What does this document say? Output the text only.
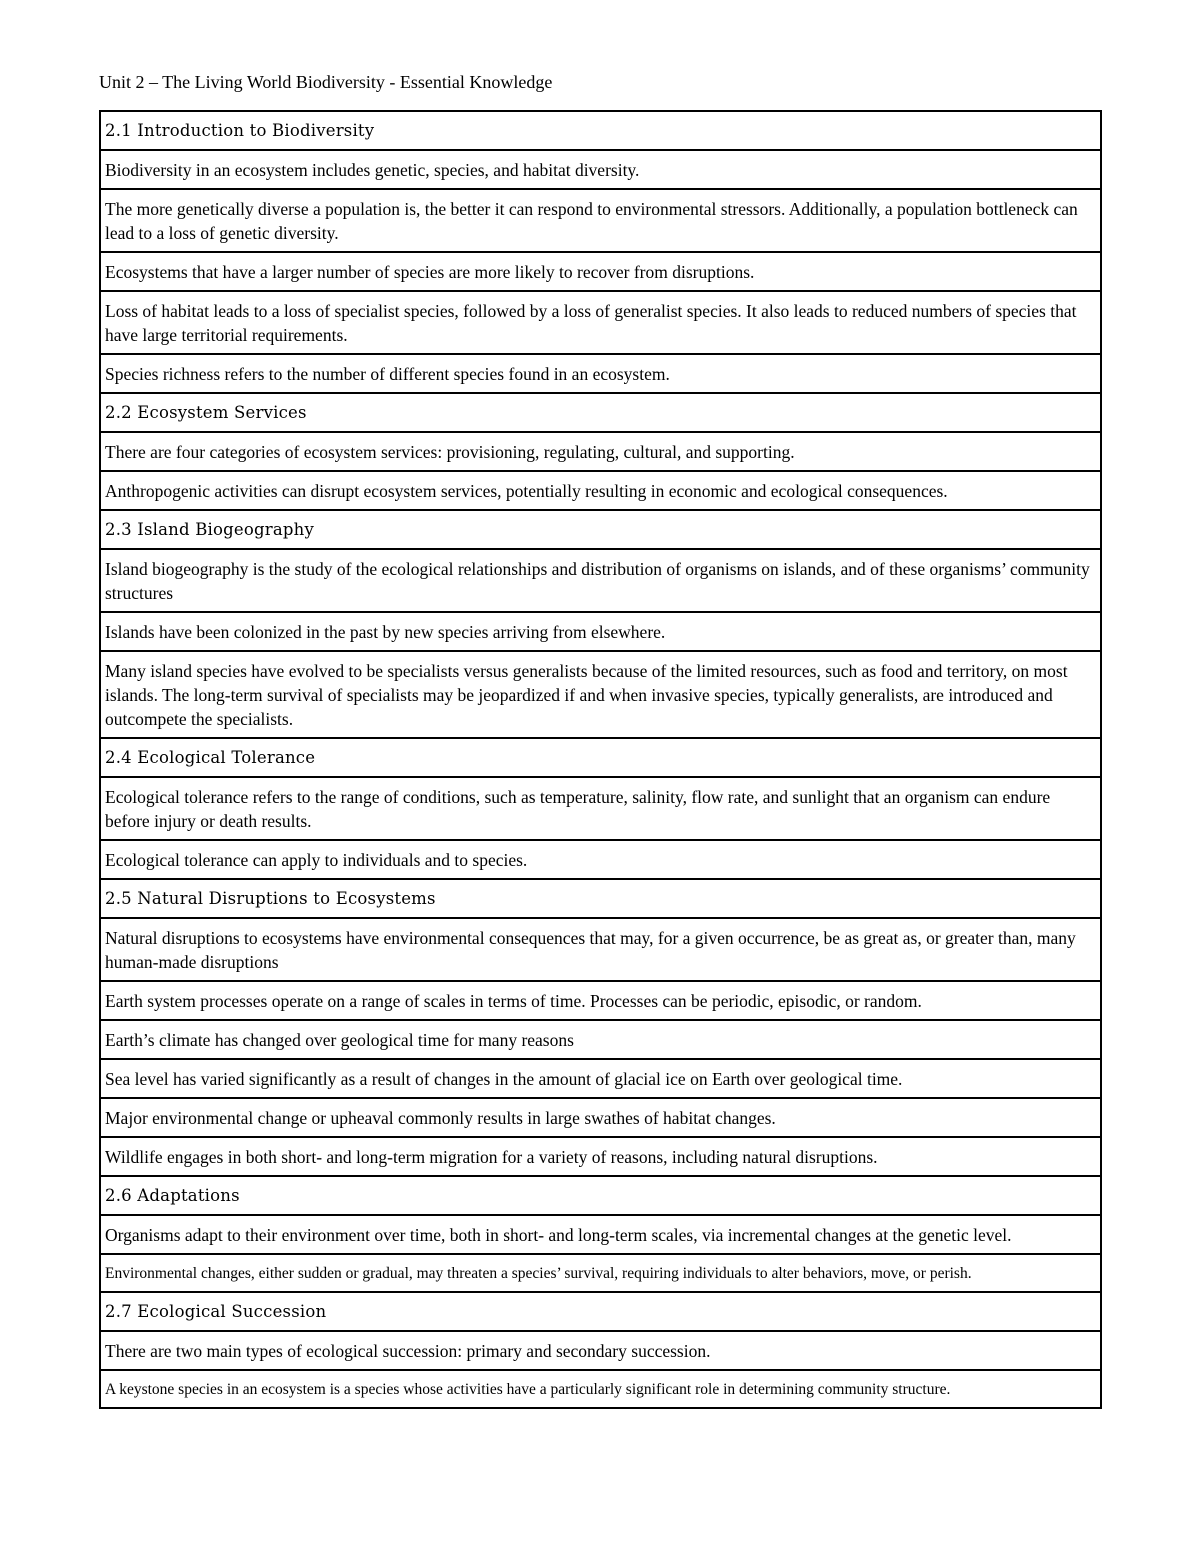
Unit 2 – The Living World Biodiversity - Essential Knowledge
2.1 Introduction to Biodiversity
Biodiversity in an ecosystem includes genetic, species, and habitat diversity.
The more genetically diverse a population is, the better it can respond to environmental stressors. Additionally, a population bottleneck can lead to a loss of genetic diversity.
Ecosystems that have a larger number of species are more likely to recover from disruptions.
Loss of habitat leads to a loss of specialist species, followed by a loss of generalist species. It also leads to reduced numbers of species that have large territorial requirements.
Species richness refers to the number of different species found in an ecosystem.
2.2 Ecosystem Services
There are four categories of ecosystem services: provisioning, regulating, cultural, and supporting.
Anthropogenic activities can disrupt ecosystem services, potentially resulting in economic and ecological consequences.
2.3 Island Biogeography
Island biogeography is the study of the ecological relationships and distribution of organisms on islands, and of these organisms’ community structures
Islands have been colonized in the past by new species arriving from elsewhere.
Many island species have evolved to be specialists versus generalists because of the limited resources, such as food and territory, on most islands. The long-term survival of specialists may be jeopardized if and when invasive species, typically generalists, are introduced and outcompete the specialists.
2.4 Ecological Tolerance
Ecological tolerance refers to the range of conditions, such as temperature, salinity, flow rate, and sunlight that an organism can endure before injury or death results.
Ecological tolerance can apply to individuals and to species.
2.5 Natural Disruptions to Ecosystems
Natural disruptions to ecosystems have environmental consequences that may, for a given occurrence, be as great as, or greater than, many human-made disruptions
Earth system processes operate on a range of scales in terms of time. Processes can be periodic, episodic, or random.
Earth’s climate has changed over geological time for many reasons
Sea level has varied significantly as a result of changes in the amount of glacial ice on Earth over geological time.
Major environmental change or upheaval commonly results in large swathes of habitat changes.
Wildlife engages in both short- and long-term migration for a variety of reasons, including natural disruptions.
2.6 Adaptations
Organisms adapt to their environment over time, both in short- and long-term scales, via incremental changes at the genetic level.
Environmental changes, either sudden or gradual, may threaten a species’ survival, requiring individuals to alter behaviors, move, or perish.
2.7 Ecological Succession
There are two main types of ecological succession: primary and secondary succession.
A keystone species in an ecosystem is a species whose activities have a particularly significant role in determining community structure.
